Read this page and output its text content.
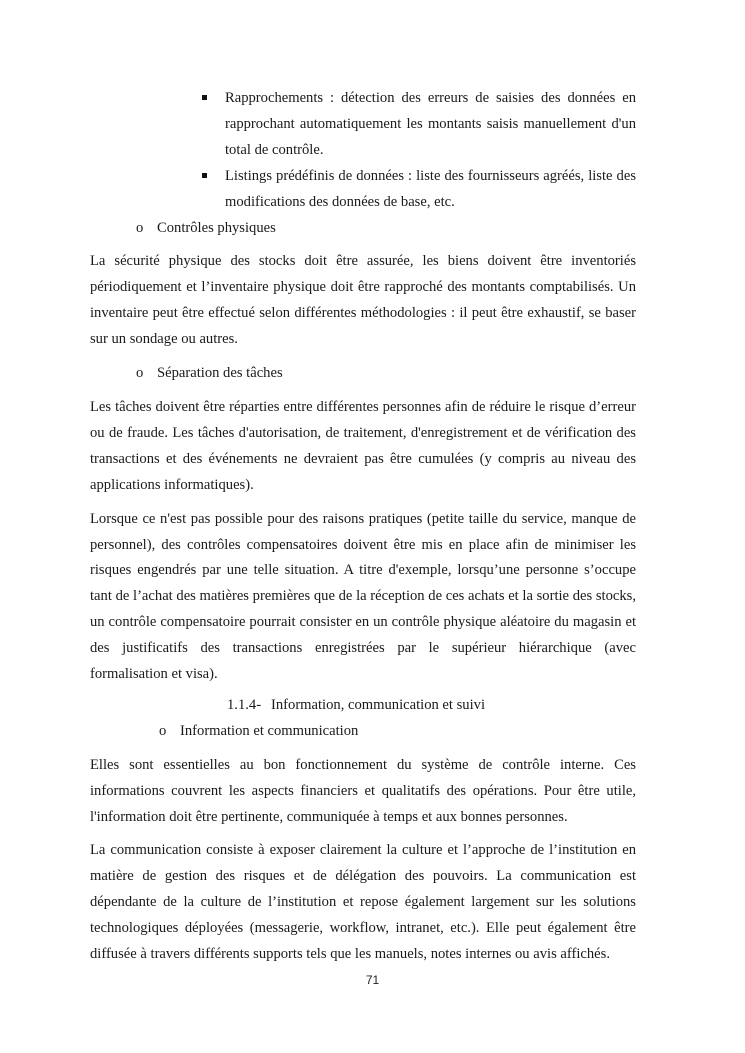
Rapprochements : détection des erreurs de saisies des données en rapprochant automatiquement les montants saisis manuellement d'un total de contrôle.
Listings prédéfinis de données : liste des fournisseurs agréés, liste des modifications des données de base, etc.
o Contrôles physiques

La sécurité physique des stocks doit être assurée, les biens doivent être inventoriés périodiquement et l’inventaire physique doit être rapproché des montants comptabilisés. Un inventaire peut être effectué selon différentes méthodologies : il peut être exhaustif, se baser sur un sondage ou autres.

o Séparation des tâches

Les tâches doivent être réparties entre différentes personnes afin de réduire le risque d’erreur ou de fraude. Les tâches d'autorisation, de traitement, d'enregistrement et de vérification des transactions et des événements ne devraient pas être cumulées (y compris au niveau des applications informatiques).

Lorsque ce n'est pas possible pour des raisons pratiques (petite taille du service, manque de personnel), des contrôles compensatoires doivent être mis en place afin de minimiser les risques engendrés par une telle situation. A titre d'exemple, lorsqu’une personne s’occupe tant de l’achat des matières premières que de la réception de ces achats et la sortie des stocks, un contrôle compensatoire pourrait consister en un contrôle physique aléatoire du magasin et des justificatifs des transactions enregistrées par le supérieur hiérarchique (avec formalisation et visa).

1.1.4- Information, communication et suivi
o Information et communication

Elles sont essentielles au bon fonctionnement du système de contrôle interne. Ces informations couvrent les aspects financiers et qualitatifs des opérations. Pour être utile, l'information doit être pertinente, communiquée à temps et aux bonnes personnes.

La communication consiste à exposer clairement la culture et l’approche de l’institution en matière de gestion des risques et de délégation des pouvoirs. La communication est dépendante de la culture de l’institution et repose également largement sur les solutions technologiques déployées (messagerie, workflow, intranet, etc.). Elle peut également être diffusée à travers différents supports tels que les manuels, notes internes ou avis affichés.

71
